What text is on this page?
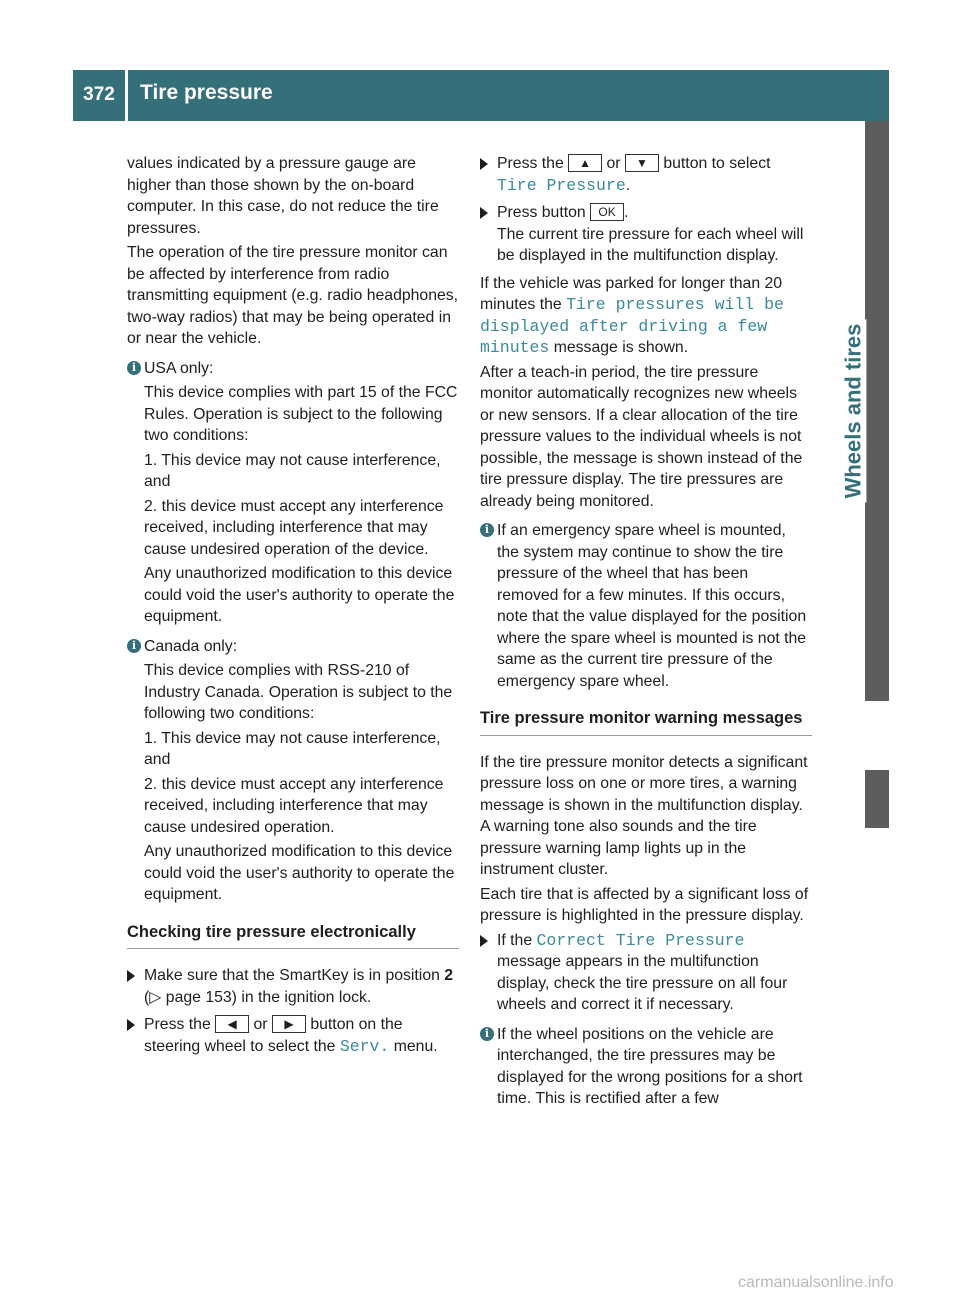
372	Tire pressure
Wheels and tires

values indicated by a pressure gauge are higher than those shown by the on-board computer. In this case, do not reduce the tire pressures.

The operation of the tire pressure monitor can be affected by interference from radio transmitting equipment (e.g. radio headphones, two-way radios) that may be being operated in or near the vehicle.

i USA only:

This device complies with part 15 of the FCC Rules. Operation is subject to the following two conditions:

1. This device may not cause interference, and

2. this device must accept any interference received, including interference that may cause undesired operation of the device.

Any unauthorized modification to this device could void the user's authority to operate the equipment.

i Canada only:

This device complies with RSS-210 of Industry Canada. Operation is subject to the following two conditions:

1. This device may not cause interference, and

2. this device must accept any interference received, including interference that may cause undesired operation.

Any unauthorized modification to this device could void the user's authority to operate the equipment.

Checking tire pressure electronically
Make sure that the SmartKey is in position 2 (▷ page 153) in the ignition lock.
Press the ◀ or ▶ button on the steering wheel to select the Serv. menu.
Press the ▲ or ▼ button to select Tire Pressure.
Press button OK .

The current tire pressure for each wheel will be displayed in the multifunction display.

If the vehicle was parked for longer than 20 minutes the Tire pressures will be displayed after driving a few minutes message is shown.

After a teach-in period, the tire pressure monitor automatically recognizes new wheels or new sensors. If a clear allocation of the tire pressure values to the individual wheels is not possible, the message is shown instead of the tire pressure display. The tire pressures are already being monitored.

i If an emergency spare wheel is mounted, the system may continue to show the tire pressure of the wheel that has been removed for a few minutes. If this occurs, note that the value displayed for the position where the spare wheel is mounted is not the same as the current tire pressure of the emergency spare wheel.

Tire pressure monitor warning messages

If the tire pressure monitor detects a significant pressure loss on one or more tires, a warning message is shown in the multifunction display. A warning tone also sounds and the tire pressure warning lamp lights up in the instrument cluster.

Each tire that is affected by a significant loss of pressure is highlighted in the pressure display.

If the Correct Tire Pressure message appears in the multifunction display, check the tire pressure on all four wheels and correct it if necessary.
i If the wheel positions on the vehicle are interchanged, the tire pressures may be displayed for the wrong positions for a short time. This is rectified after a few

carmanualsonline.info
